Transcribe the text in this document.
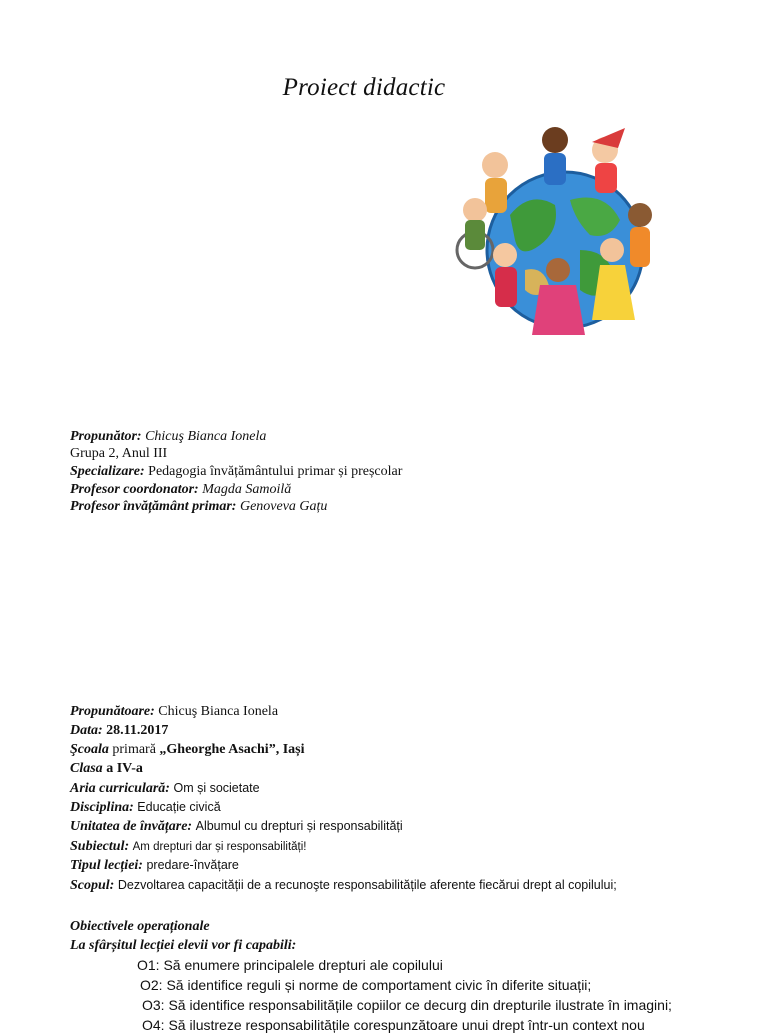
Proiect didactic
Propunător: Chicuş Bianca Ionela
Grupa 2, Anul III
Specializare: Pedagogia învățământului primar și preșcolar
Profesor coordonator: Magda Samoilă
Profesor învățământ primar: Genoveva Gațu
Propunătoare: Chicuş Bianca Ionela
Data: 28.11.2017
Şcoala primară „Gheorghe Asachi”, Iași
Clasa a IV-a
Aria curriculară: Om și societate
Disciplina: Educație civică
Unitatea de învățare: Albumul cu drepturi și responsabilități
Subiectul: Am drepturi dar și responsabilități!
Tipul lecției: predare-învățare
Scopul: Dezvoltarea capacității de a recunoşte responsabilitățile aferente fiecărui drept al copilului;
Obiectivele operaționale
La sfârșitul lecției elevii vor fi capabili:
O1: Să enumere principalele drepturi ale copilului
O2: Să identifice reguli și norme de comportament civic în diferite situații;
O3: Să identifice responsabilitățile copiilor ce decurg din drepturile ilustrate în imagini;
O4: Să ilustreze responsabilitățile corespunzătoare unui drept într-un context nou
